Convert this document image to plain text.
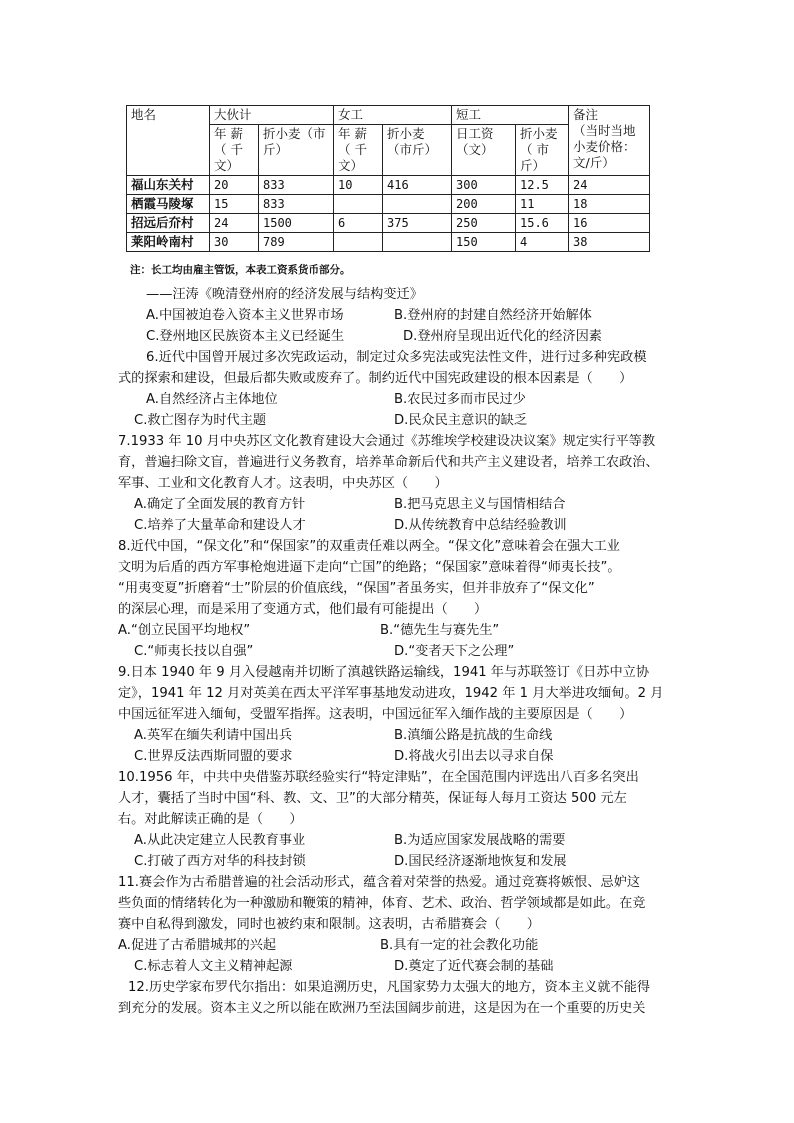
地名	大伙计		女工		短工		备注
（当时当地小麦价格：文/斤）

	年 薪（ 千文）	折小麦（市斤）	年 薪（ 千文）	折小麦（市斤）	日工资（文）	折小麦（ 市斤）	
福山东关村	20	833	10	416	300	12.5	24
栖霞马陵塚	15	833			200	11	18
招远后夼村	24	1500	6	375	250	15.6	16
莱阳岭南村	30	789			150	4	38
注：长工均由雇主管饭，本表工资系货币部分。
——汪涛《晚清登州府的经济发展与结构变迁》
A.中国被迫卷入资本主义世界市场	B.登州府的封建自然经济开始解体
C.登州地区民族资本主义已经诞生	D.登州府呈现出近代化的经济因素
6.近代中国曾开展过多次宪政运动，制定过众多宪法或宪法性文件，进行过多种宪政模
式的探索和建设，但最后都失败或废弃了。制约近代中国宪政建设的根本因素是（　　）
A.自然经济占主体地位	B.农民过多而市民过少
C.救亡图存为时代主题	D.民众民主意识的缺乏
7.1933 年 10 月中央苏区文化教育建设大会通过《苏维埃学校建设决议案》规定实行平等教
育，普遍扫除文盲，普遍进行义务教育，培养革命新后代和共产主义建设者，培养工农政治、
军事、工业和文化教育人才。这表明，中央苏区（　　）
A.确定了全面发展的教育方针	B.把马克思主义与国情相结合
C.培养了大量革命和建设人才	D.从传统教育中总结经验教训
8.近代中国，“保文化”和“保国家”的双重责任难以两全。“保文化”意味着会在强大工业
文明为后盾的西方军事枪炮进逼下走向“亡国”的绝路；“保国家”意味着得“师夷长技”。
“用夷变夏”折磨着“士”阶层的价值底线，“保国”者虽务实，但并非放弃了“保文化”
的深层心理，而是采用了变通方式，他们最有可能提出（　　）
A.“创立民国平均地权”	B.“德先生与赛先生”
C.“师夷长技以自强”	D.“变者天下之公理”
9.日本 1940 年 9 月入侵越南并切断了滇越铁路运输线，1941 年与苏联签订《日苏中立协
定》，1941 年 12 月对英美在西太平洋军事基地发动进攻，1942 年 1 月大举进攻缅甸。2 月
中国远征军进入缅甸，受盟军指挥。这表明，中国远征军入缅作战的主要原因是（　　）
A.英军在缅失利请中国出兵	B.滇缅公路是抗战的生命线
C.世界反法西斯同盟的要求	D.将战火引出去以寻求自保
10.1956 年，中共中央借鉴苏联经验实行“特定津贴”，在全国范围内评选出八百多名突出
人才，囊括了当时中国“科、教、文、卫”的大部分精英，保证每人每月工资达 500 元左
右。对此解读正确的是（　　）
A.从此决定建立人民教育事业	B.为适应国家发展战略的需要
C.打破了西方对华的科技封锁	D.国民经济逐渐地恢复和发展
11.赛会作为古希腊普遍的社会活动形式，蕴含着对荣誉的热爱。通过竞赛将嫉恨、忌妒这
些负面的情绪转化为一种激励和鞭策的精神，体育、艺术、政治、哲学领域都是如此。在竞
赛中自私得到激发，同时也被约束和限制。这表明，古希腊赛会（　　）
A.促进了古希腊城邦的兴起	B.具有一定的社会教化功能
C.标志着人文主义精神起源	D.奠定了近代赛会制的基础
12.历史学家布罗代尔指出：如果追溯历史，凡国家势力太强大的地方，资本主义就不能得
到充分的发展。资本主义之所以能在欧洲乃至法国阔步前进，这是因为在一个重要的历史关
